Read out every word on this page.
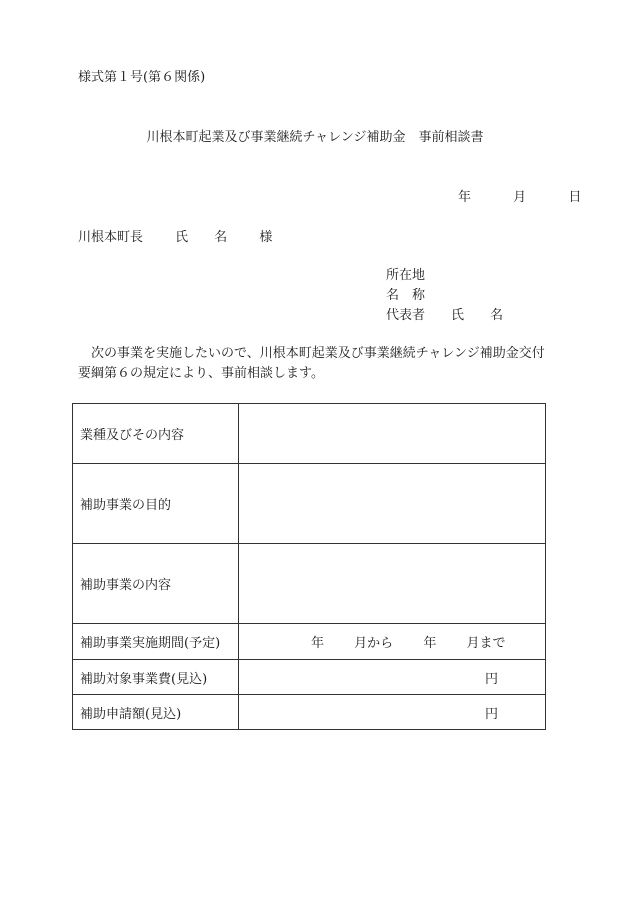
様式第１号(第６関係)
川根本町起業及び事業継続チャレンジ補助金　事前相談書
年	月	日
川根本町長 氏　　名 様
所在地
名　称
代表者 氏　　名
次の事業を実施したいので、川根本町起業及び事業継続チャレンジ補助金交付要綱第６の規定により、事前相談します。
業種及びその内容	
補助事業の目的	
補助事業の内容	
補助事業実施期間(予定)	年 月から 年 月まで

補助対象事業費(見込)	円

補助申請額(見込)	円
